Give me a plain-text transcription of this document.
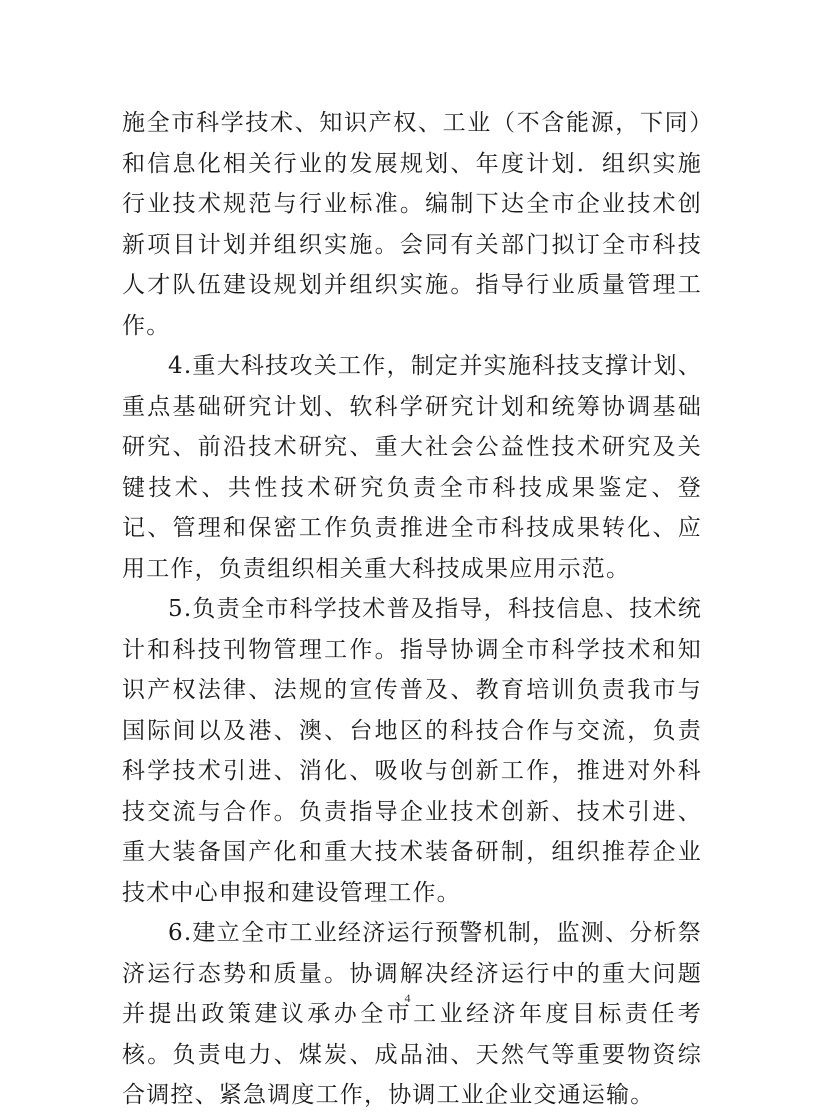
施全市科学技术、知识产权、工业（不含能源，下同）和信息化相关行业的发展规划、年度计划．组织实施行业技术规范与行业标准。编制下达全市企业技术创新项目计划并组织实施。会同有关部门拟订全市科技人才队伍建设规划并组织实施。指导行业质量管理工作。

4.重大科技攻关工作，制定并实施科技支撑计划、重点基础研究计划、软科学研究计划和统筹协调基础研究、前沿技术研究、重大社会公益性技术研究及关键技术、共性技术研究负责全市科技成果鉴定、登记、管理和保密工作负责推进全市科技成果转化、应用工作，负责组织相关重大科技成果应用示范。

5.负责全市科学技术普及指导，科技信息、技术统计和科技刊物管理工作。指导协调全市科学技术和知识产权法律、法规的宣传普及、教育培训负责我市与国际间以及港、澳、台地区的科技合作与交流，负责科学技术引进、消化、吸收与创新工作，推进对外科技交流与合作。负责指导企业技术创新、技术引进、重大装备国产化和重大技术装备研制，组织推荐企业技术中心申报和建设管理工作。

6.建立全市工业经济运行预警机制，监测、分析祭济运行态势和质量。协调解决经济运行中的重大问题并提出政策建议承办全市工业经济年度目标责任考核。负责电力、煤炭、成品油、天然气等重要物资综合调控、紧急调度工作，协调工业企业交通运输。

4
